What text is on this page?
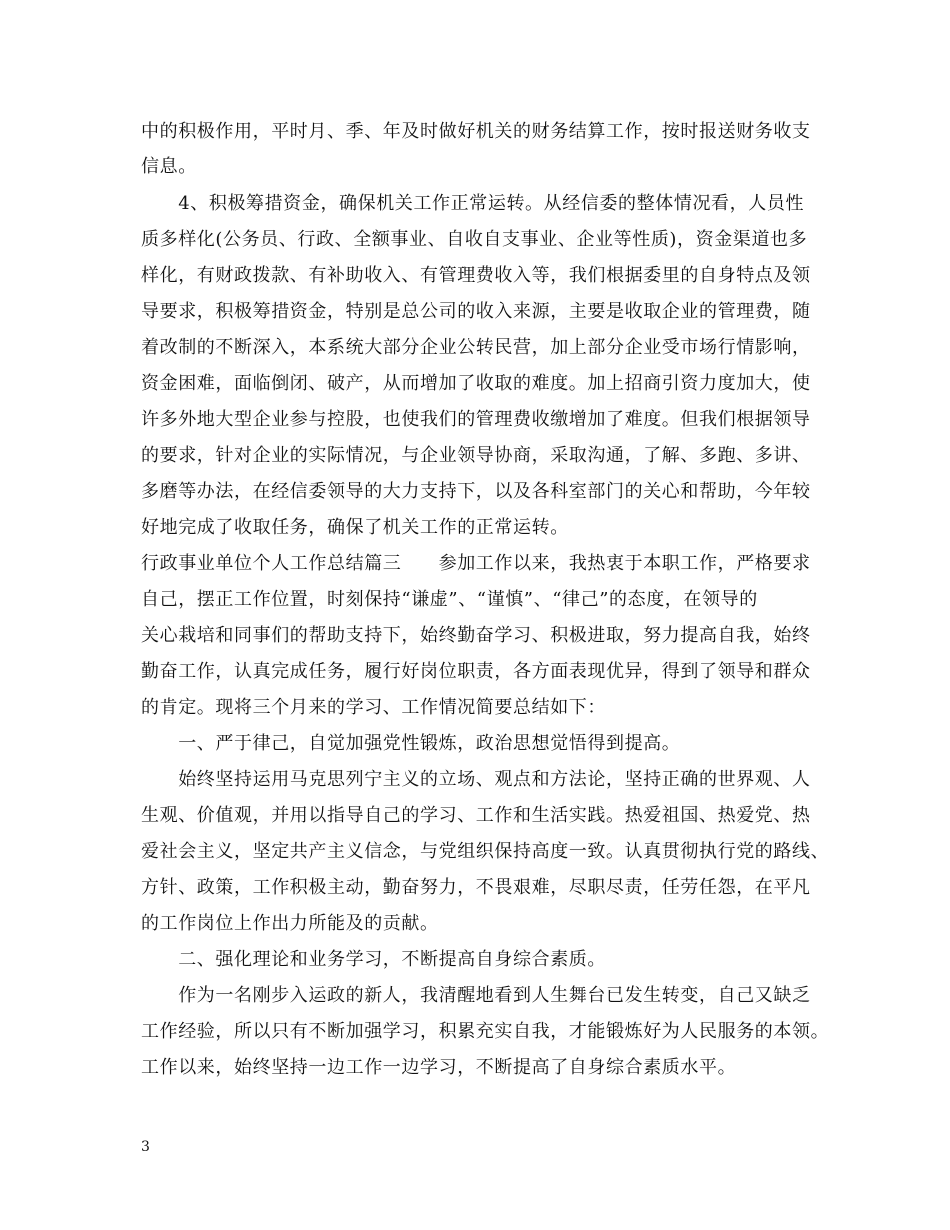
中的积极作用，平时月、季、年及时做好机关的财务结算工作，按时报送财务收支
信息。
　　4、积极筹措资金，确保机关工作正常运转。从经信委的整体情况看，人员性
质多样化(公务员、行政、全额事业、自收自支事业、企业等性质)，资金渠道也多
样化，有财政拨款、有补助收入、有管理费收入等，我们根据委里的自身特点及领
导要求，积极筹措资金，特别是总公司的收入来源，主要是收取企业的管理费，随
着改制的不断深入，本系统大部分企业公转民营，加上部分企业受市场行情影响，
资金困难，面临倒闭、破产，从而增加了收取的难度。加上招商引资力度加大，使
许多外地大型企业参与控股，也使我们的管理费收缴增加了难度。但我们根据领导
的要求，针对企业的实际情况，与企业领导协商，采取沟通，了解、多跑、多讲、
多磨等办法，在经信委领导的大力支持下，以及各科室部门的关心和帮助，今年较
好地完成了收取任务，确保了机关工作的正常运转。
行政事业单位个人工作总结篇三　　参加工作以来，我热衷于本职工作，严格要求
自己，摆正工作位置，时刻保持“谦虚”、“谨慎”、“律己”的态度，在领导的
关心栽培和同事们的帮助支持下，始终勤奋学习、积极进取，努力提高自我，始终
勤奋工作，认真完成任务，履行好岗位职责，各方面表现优异，得到了领导和群众
的肯定。现将三个月来的学习、工作情况简要总结如下：
　　一、严于律己，自觉加强党性锻炼，政治思想觉悟得到提高。
　　始终坚持运用马克思列宁主义的立场、观点和方法论，坚持正确的世界观、人
生观、价值观，并用以指导自己的学习、工作和生活实践。热爱祖国、热爱党、热
爱社会主义，坚定共产主义信念，与党组织保持高度一致。认真贯彻执行党的路线、
方针、政策，工作积极主动，勤奋努力，不畏艰难，尽职尽责，任劳任怨，在平凡
的工作岗位上作出力所能及的贡献。
　　二、强化理论和业务学习，不断提高自身综合素质。
　　作为一名刚步入运政的新人，我清醒地看到人生舞台已发生转变，自己又缺乏
工作经验，所以只有不断加强学习，积累充实自我，才能锻炼好为人民服务的本领。
工作以来，始终坚持一边工作一边学习，不断提高了自身综合素质水平。
3
